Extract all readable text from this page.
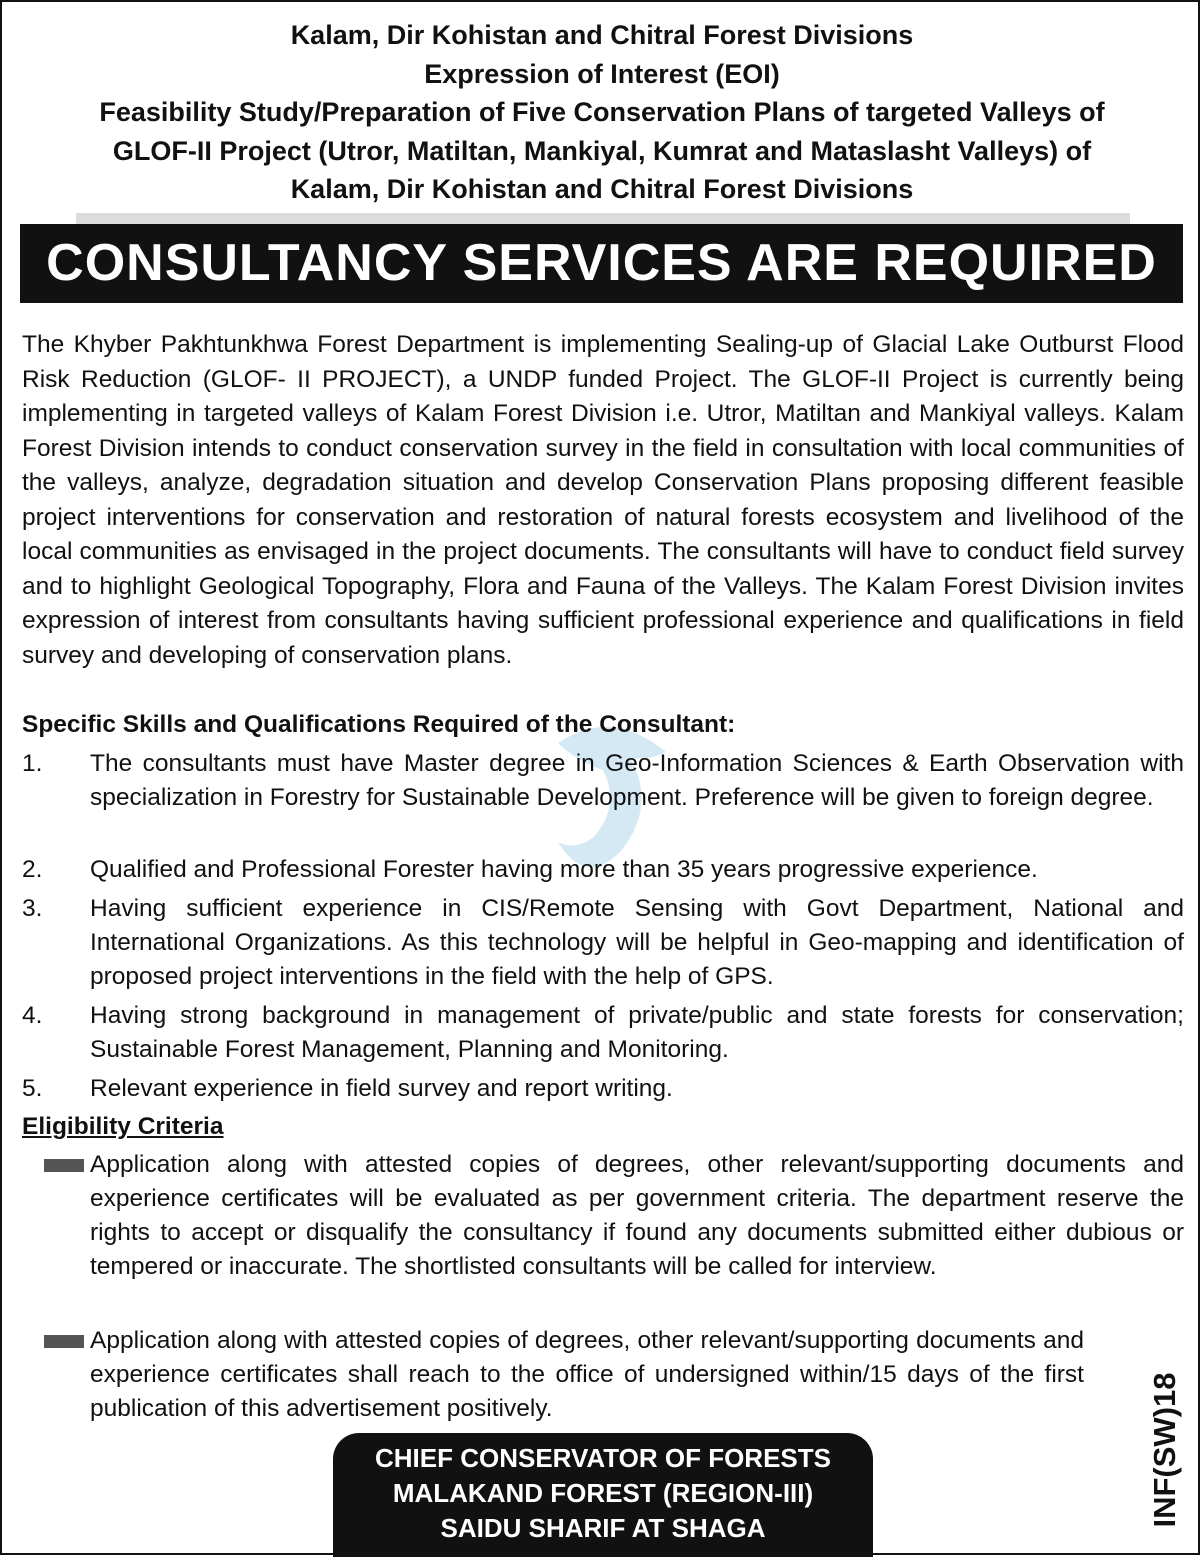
Kalam, Dir Kohistan and Chitral Forest Divisions
Expression of Interest (EOI)
Feasibility Study/Preparation of Five Conservation Plans of targeted Valleys of
GLOF-II Project (Utror, Matiltan, Mankiyal, Kumrat and Mataslasht Valleys) of
Kalam, Dir Kohistan and Chitral Forest Divisions
CONSULTANCY SERVICES ARE REQUIRED

The Khyber Pakhtunkhwa Forest Department is implementing Sealing-up of Glacial Lake Outburst Flood Risk Reduction (GLOF- II PROJECT), a UNDP funded Project. The GLOF-II Project is currently being implementing in targeted valleys of Kalam Forest Division i.e. Utror, Matiltan and Mankiyal valleys. Kalam Forest Division intends to conduct conservation survey in the field in consultation with local communities of the valleys, analyze, degradation situation and develop Conservation Plans proposing different feasible project interventions for conservation and restoration of natural forests ecosystem and livelihood of the local communities as envisaged in the project documents. The consultants will have to conduct field survey and to highlight Geological Topography, Flora and Fauna of the Valleys. The Kalam Forest Division invites expression of interest from consultants having sufficient professional experience and qualifications in field survey and developing of conservation plans.

Specific Skills and Qualifications Required of the Consultant:
1. The consultants must have Master degree in Geo-Information Sciences & Earth Observation with specialization in Forestry for Sustainable Development. Preference will be given to foreign degree.
2. Qualified and Professional Forester having more than 35 years progressive experience.
3. Having sufficient experience in CIS/Remote Sensing with Govt Department, National and International Organizations. As this technology will be helpful in Geo-mapping and identification of proposed project interventions in the field with the help of GPS.
4. Having strong background in management of private/public and state forests for conservation; Sustainable Forest Management, Planning and Monitoring.
5. Relevant experience in field survey and report writing.
Eligibility Criteria
Application along with attested copies of degrees, other relevant/supporting documents and experience certificates will be evaluated as per government criteria. The department reserve the rights to accept or disqualify the consultancy if found any documents submitted either dubious or tempered or inaccurate. The shortlisted consultants will be called for interview.
Application along with attested copies of degrees, other relevant/supporting documents and experience certificates shall reach to the office of undersigned within/15 days of the first publication of this advertisement positively.
CHIEF CONSERVATOR OF FORESTS
MALAKAND FOREST (REGION-III)
SAIDU SHARIF AT SHAGA
INF(SW)18
